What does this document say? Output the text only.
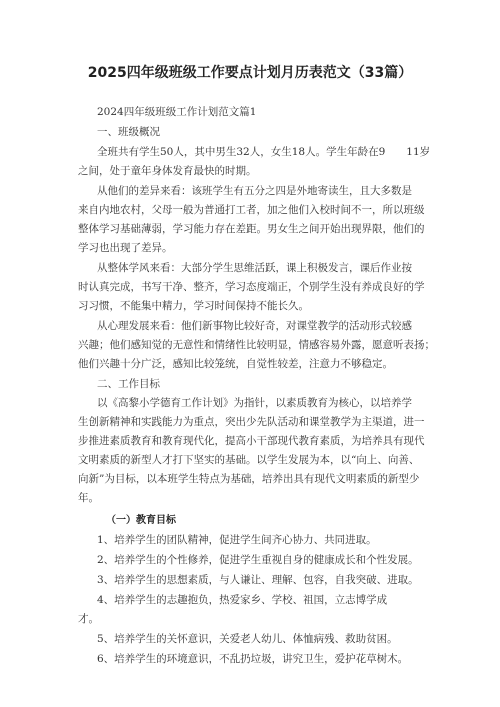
2025四年级班级工作要点计划月历表范文（33篇）
2024四年级班级工作计划范文篇1
一、班级概况
全班共有学生50人，其中男生32人，女生18人。学生年龄在9　　11岁
之间，处于童年身体发育最快的时期。
从他们的差异来看：该班学生有五分之四是外地寄读生，且大多数是
来自内地农村，父母一般为普通打工者，加之他们入校时间不一，所以班级
整体学习基础薄弱，学习能力存在差距。男女生之间开始出现界限，他们的
学习也出现了差异。
从整体学风来看：大部分学生思维活跃，课上积极发言，课后作业按
时认真完成，书写干净、整齐，学习态度端正，个别学生没有养成良好的学
习习惯，不能集中精力，学习时间保持不能长久。
从心理发展来看：他们新事物比较好奇，对课堂教学的活动形式较感
兴趣；他们感知觉的无意性和情绪性比较明显，情感容易外露，愿意听表扬；
他们兴趣十分广泛，感知比较笼统，自觉性较差，注意力不够稳定。
二、工作目标
以《高黎小学德育工作计划》为指针，以素质教育为核心，以培养学
生创新精神和实践能力为重点，突出少先队活动和课堂教学为主渠道，进一
步推进素质教育和教育现代化，提高小干部现代教育素质，为培养具有现代
文明素质的新型人才打下坚实的基础。以学生发展为本，以“向上、向善、
向新”为目标，以本班学生特点为基础，培养出具有现代文明素质的新型少
年。
（一）教育目标
1、培养学生的团队精神，促进学生间齐心协力、共同进取。
2、培养学生的个性修养，促进学生重视自身的健康成长和个性发展。
3、培养学生的思想素质，与人谦让、理解、包容，自我突破、进取。
4、培养学生的志趣抱负，热爱家乡、学校、祖国，立志博学成
才。
5、培养学生的关怀意识，关爱老人幼儿、体恤病残、救助贫困。
6、培养学生的环境意识，不乱扔垃圾，讲究卫生，爱护花草树木。
